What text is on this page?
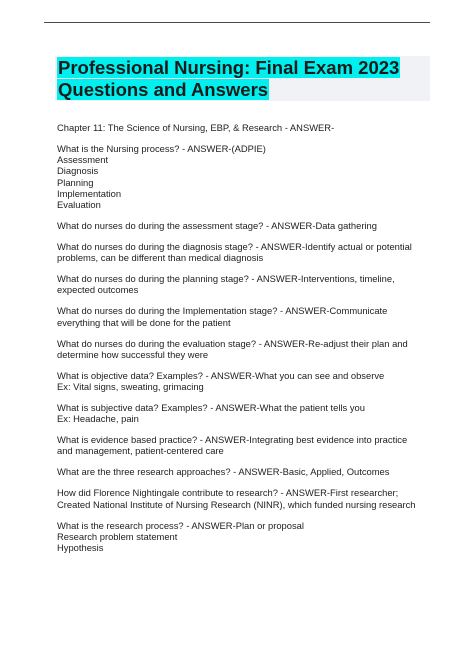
Professional Nursing: Final Exam 2023
Questions and Answers
Chapter 11: The Science of Nursing, EBP, & Research - ANSWER-
What is the Nursing process? - ANSWER-(ADPIE)
Assessment
Diagnosis
Planning
Implementation
Evaluation
What do nurses do during the assessment stage? - ANSWER-Data gathering
What do nurses do during the diagnosis stage? - ANSWER-Identify actual or potential
problems, can be different than medical diagnosis
What do nurses do during the planning stage? - ANSWER-Interventions, timeline,
expected outcomes
What do nurses do during the Implementation stage? - ANSWER-Communicate
everything that will be done for the patient
What do nurses do during the evaluation stage? - ANSWER-Re-adjust their plan and
determine how successful they were
What is objective data? Examples? - ANSWER-What you can see and observe
Ex: Vital signs, sweating, grimacing
What is subjective data? Examples? - ANSWER-What the patient tells you
Ex: Headache, pain
What is evidence based practice? - ANSWER-Integrating best evidence into practice
and management, patient-centered care
What are the three research approaches? - ANSWER-Basic, Applied, Outcomes
How did Florence Nightingale contribute to research? - ANSWER-First researcher;
Created National Institute of Nursing Research (NINR), which funded nursing research
What is the research process? - ANSWER-Plan or proposal
Research problem statement
Hypothesis
